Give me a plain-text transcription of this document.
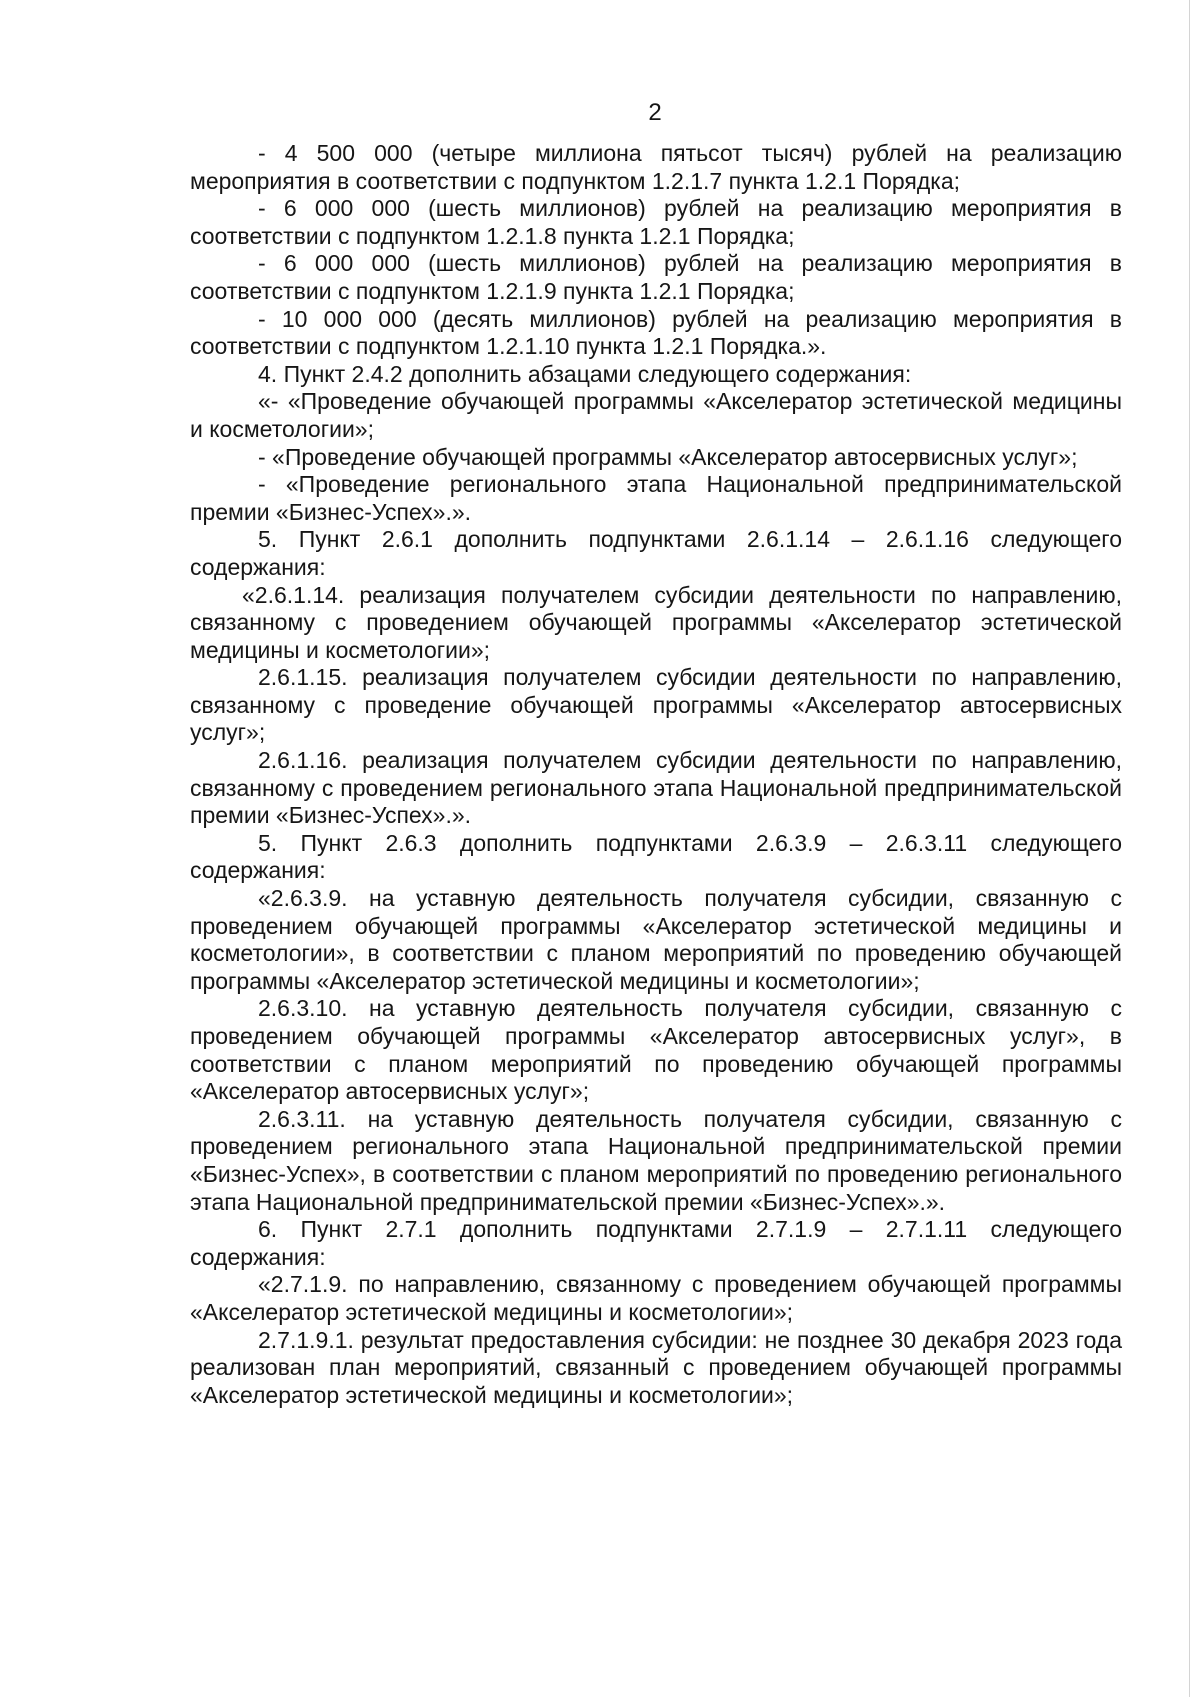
2

- 4 500 000 (четыре миллиона пятьсот тысяч) рублей на реализацию мероприятия в соответствии с подпунктом 1.2.1.7 пункта 1.2.1 Порядка;

- 6 000 000 (шесть миллионов) рублей на реализацию мероприятия в соответствии с подпунктом 1.2.1.8 пункта 1.2.1 Порядка;

- 6 000 000 (шесть миллионов) рублей на реализацию мероприятия в соответствии с подпунктом 1.2.1.9 пункта 1.2.1 Порядка;

- 10 000 000 (десять миллионов) рублей на реализацию мероприятия в соответствии с подпунктом 1.2.1.10 пункта 1.2.1 Порядка.».

4. Пункт 2.4.2 дополнить абзацами следующего содержания:

«- «Проведение обучающей программы «Акселератор эстетической медицины и косметологии»;

- «Проведение обучающей программы «Акселератор автосервисных услуг»;

- «Проведение регионального этапа Национальной предпринимательской премии «Бизнес-Успех».».

5. Пункт 2.6.1 дополнить подпунктами 2.6.1.14 – 2.6.1.16 следующего содержания:

«2.6.1.14. реализация получателем субсидии деятельности по направлению, связанному с проведением обучающей программы «Акселератор эстетической медицины и косметологии»;

2.6.1.15. реализация получателем субсидии деятельности по направлению, связанному с проведение обучающей программы «Акселератор автосервисных услуг»;

2.6.1.16. реализация получателем субсидии деятельности по направлению, связанному с проведением регионального этапа Национальной предпринимательской премии «Бизнес-Успех».».

5. Пункт 2.6.3 дополнить подпунктами 2.6.3.9 – 2.6.3.11 следующего содержания:

«2.6.3.9. на уставную деятельность получателя субсидии, связанную с проведением обучающей программы «Акселератор эстетической медицины и косметологии», в соответствии с планом мероприятий по проведению обучающей программы «Акселератор эстетической медицины и косметологии»;

2.6.3.10. на уставную деятельность получателя субсидии, связанную с проведением обучающей программы «Акселератор автосервисных услуг», в соответствии с планом мероприятий по проведению обучающей программы «Акселератор автосервисных услуг»;

2.6.3.11. на уставную деятельность получателя субсидии, связанную с проведением регионального этапа Национальной предпринимательской премии «Бизнес-Успех», в соответствии с планом мероприятий по проведению регионального этапа Национальной предпринимательской премии «Бизнес-Успех».».

6. Пункт 2.7.1 дополнить подпунктами 2.7.1.9 – 2.7.1.11 следующего содержания:

«2.7.1.9. по направлению, связанному с проведением обучающей программы «Акселератор эстетической медицины и косметологии»;

2.7.1.9.1. результат предоставления субсидии: не позднее 30 декабря 2023 года реализован план мероприятий, связанный с проведением обучающей программы «Акселератор эстетической медицины и косметологии»;
